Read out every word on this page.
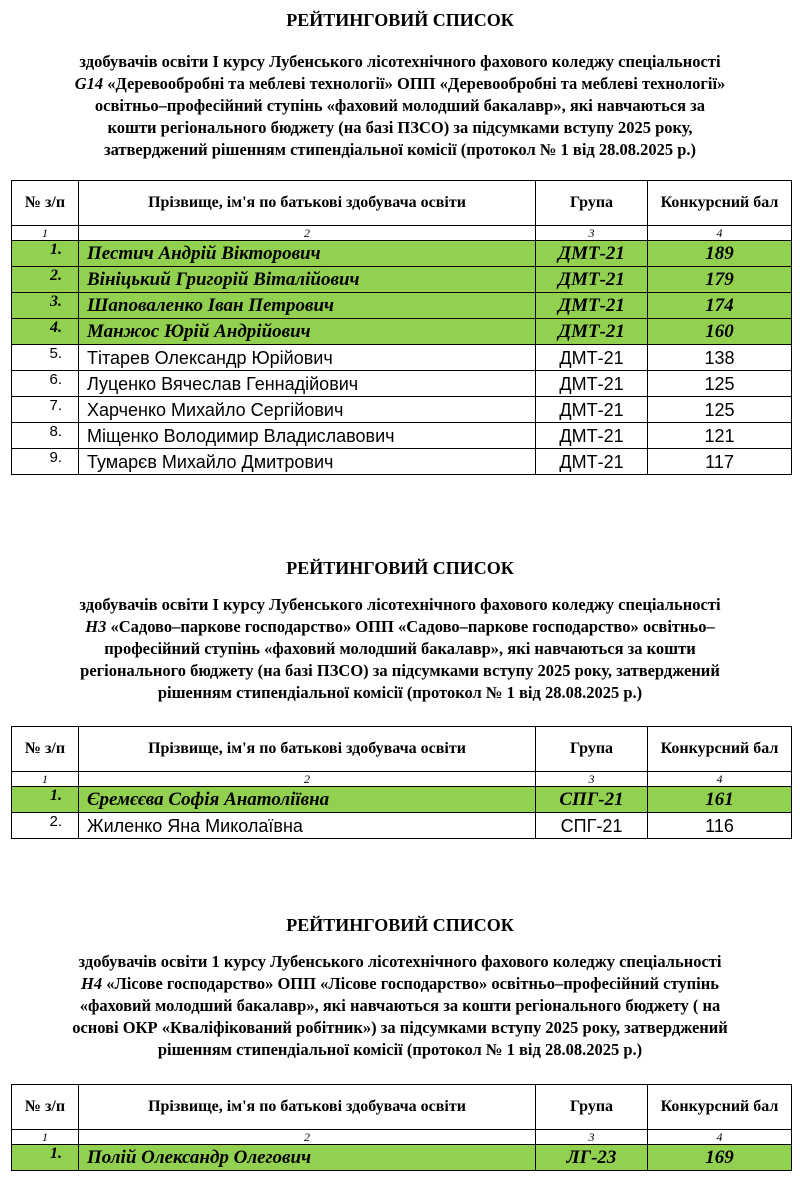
РЕЙТИНГОВИЙ СПИСОК

здобувачів освіти І курсу Лубенського лісотехнічного фахового коледжу спеціальності

G14 «Деревообробні та меблеві технології» ОПП «Деревообробні та меблеві технології»

освітньо–професійний ступінь «фаховий молодший бакалавр», які навчаються за

кошти регіонального бюджету (на базі ПЗСО) за підсумками вступу 2025 року,

затверджений рішенням стипендіальної комісії (протокол № 1 від 28.08.2025 р.)

№ з/п	Прізвище, ім'я по батькові здобувача освіти	Група	Конкурсний бал
1	2	3	4
1.	Пестич Андрій Вікторович	ДМТ-21	189
2.	Вініцький Григорій Віталійович	ДМТ-21	179
3.	Шаповаленко Іван Петрович	ДМТ-21	174
4.	Манжос Юрій Андрійович	ДМТ-21	160
5.	Тітарев Олександр Юрійович	ДМТ-21	138
6.	Луценко Вячеслав Геннадійович	ДМТ-21	125
7.	Харченко Михайло Сергійович	ДМТ-21	125
8.	Міщенко Володимир Владиславович	ДМТ-21	121
9.	Тумарєв Михайло Дмитрович	ДМТ-21	117

РЕЙТИНГОВИЙ СПИСОК

здобувачів освіти І курсу Лубенського лісотехнічного фахового коледжу спеціальності

Н3 «Садово–паркове господарство» ОПП «Садово–паркове господарство» освітньо–

професійний ступінь «фаховий молодший бакалавр», які навчаються за кошти

регіонального бюджету (на базі ПЗСО) за підсумками вступу 2025 року, затверджений

рішенням стипендіальної комісії (протокол № 1 від 28.08.2025 р.)

№ з/п	Прізвище, ім'я по батькові здобувача освіти	Група	Конкурсний бал
1	2	3	4
1.	Єремєєва Софія Анатоліївна	СПГ-21	161
2.	Жиленко Яна Миколаївна	СПГ-21	116

РЕЙТИНГОВИЙ СПИСОК

здобувачів освіти 1 курсу Лубенського лісотехнічного фахового коледжу спеціальності

Н4 «Лісове господарство» ОПП «Лісове господарство» освітньо–професійний ступінь

«фаховий молодший бакалавр», які навчаються за кошти регіонального бюджету ( на

основі ОКР «Кваліфікований робітник») за підсумками вступу 2025 року, затверджений

рішенням стипендіальної комісії (протокол № 1 від 28.08.2025 р.)

№ з/п	Прізвище, ім'я по батькові здобувача освіти	Група	Конкурсний бал
1	2	3	4
1.	Полій Олександр Олегович	ЛГ-23	169
